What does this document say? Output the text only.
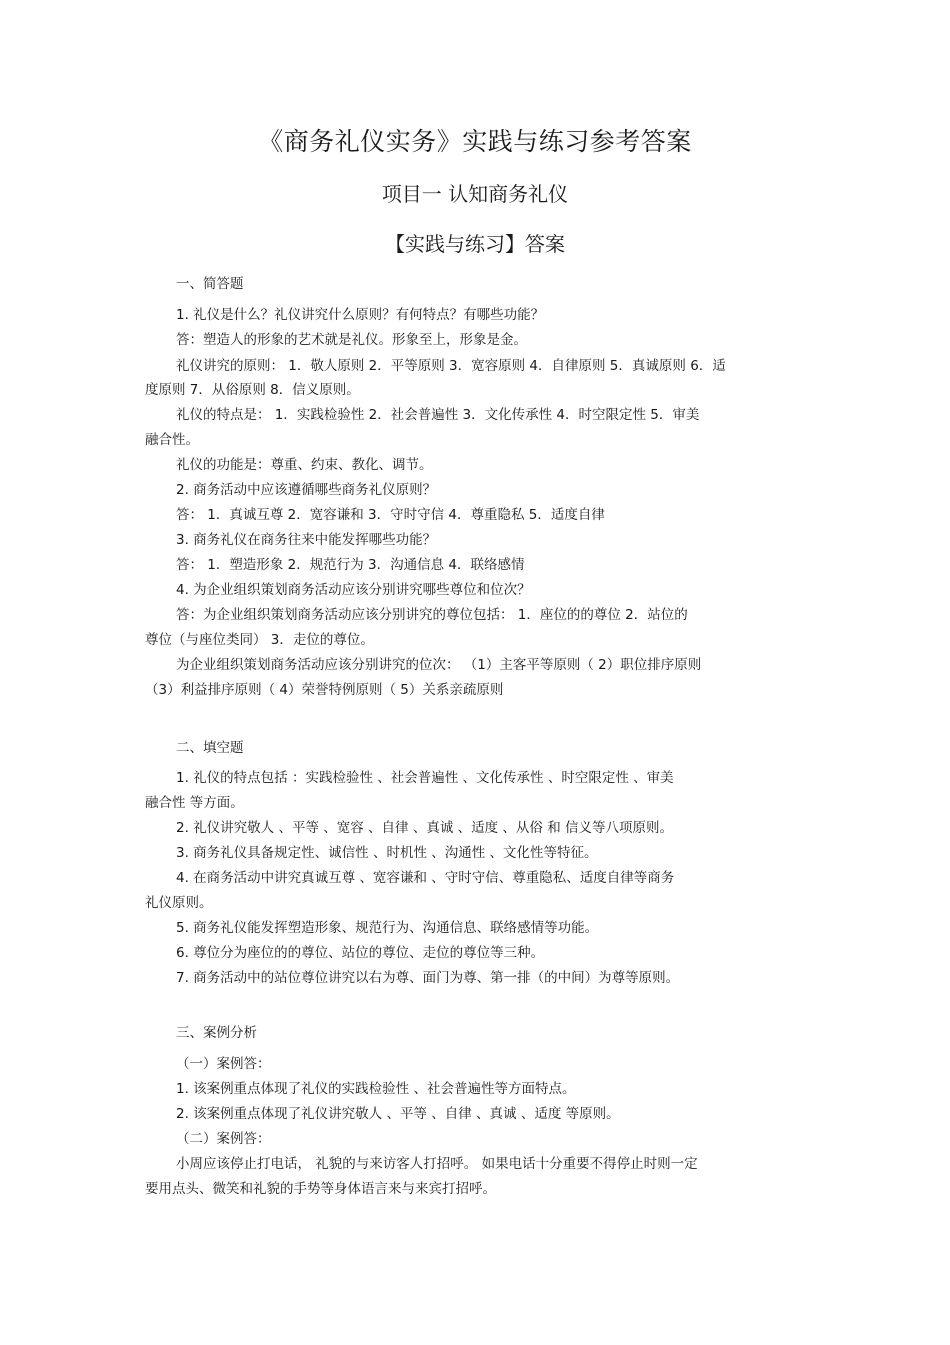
《商务礼仪实务》实践与练习参考答案
项目一 认知商务礼仪
【实践与练习】答案
一、简答题
1. 礼仪是什么？礼仪讲究什么原则？有何特点？有哪些功能？
答：塑造人的形象的艺术就是礼仪。形象至上，形象是金。
礼仪讲究的原则： 1．敬人原则 2．平等原则 3．宽容原则 4．自律原则 5．真诚原则 6．适
度原则 7．从俗原则 8．信义原则。
礼仪的特点是： 1．实践检验性 2．社会普遍性 3．文化传承性 4．时空限定性 5．审美
融合性。
礼仪的功能是：尊重、约束、教化、调节。
2. 商务活动中应该遵循哪些商务礼仪原则？
答： 1．真诚互尊 2．宽容谦和 3．守时守信 4．尊重隐私 5．适度自律
3. 商务礼仪在商务往来中能发挥哪些功能？
答： 1．塑造形象 2．规范行为 3．沟通信息 4．联络感情
4. 为企业组织策划商务活动应该分别讲究哪些尊位和位次？
答：为企业组织策划商务活动应该分别讲究的尊位包括： 1．座位的的尊位 2．站位的
尊位（与座位类同） 3．走位的尊位。
为企业组织策划商务活动应该分别讲究的位次： （1）主客平等原则（ 2）职位排序原则
（3）利益排序原则（ 4）荣誉特例原则（ 5）关系亲疏原则
二、填空题
1. 礼仪的特点包括 ：实践检验性 、社会普遍性 、文化传承性 、时空限定性 、审美
融合性 等方面。
2. 礼仪讲究敬人 、平等 、宽容 、自律 、真诚 、适度 、从俗 和 信义等八项原则。
3. 商务礼仪具备规定性、诚信性 、时机性 、沟通性 、文化性等特征。
4. 在商务活动中讲究真诚互尊 、宽容谦和 、守时守信、尊重隐私、适度自律等商务
礼仪原则。
5. 商务礼仪能发挥塑造形象、规范行为、沟通信息、联络感情等功能。
6. 尊位分为座位的的尊位、站位的尊位、走位的尊位等三种。
7. 商务活动中的站位尊位讲究以右为尊、面门为尊、第一排（的中间）为尊等原则。
三、案例分析
（一）案例答：
1. 该案例重点体现了礼仪的实践检验性 、社会普遍性等方面特点。
2. 该案例重点体现了礼仪讲究敬人 、平等 、自律 、真诚 、适度 等原则。
（二）案例答：
小周应该停止打电话， 礼貌的与来访客人打招呼。 如果电话十分重要不得停止时则一定
要用点头、微笑和礼貌的手势等身体语言来与来宾打招呼。
